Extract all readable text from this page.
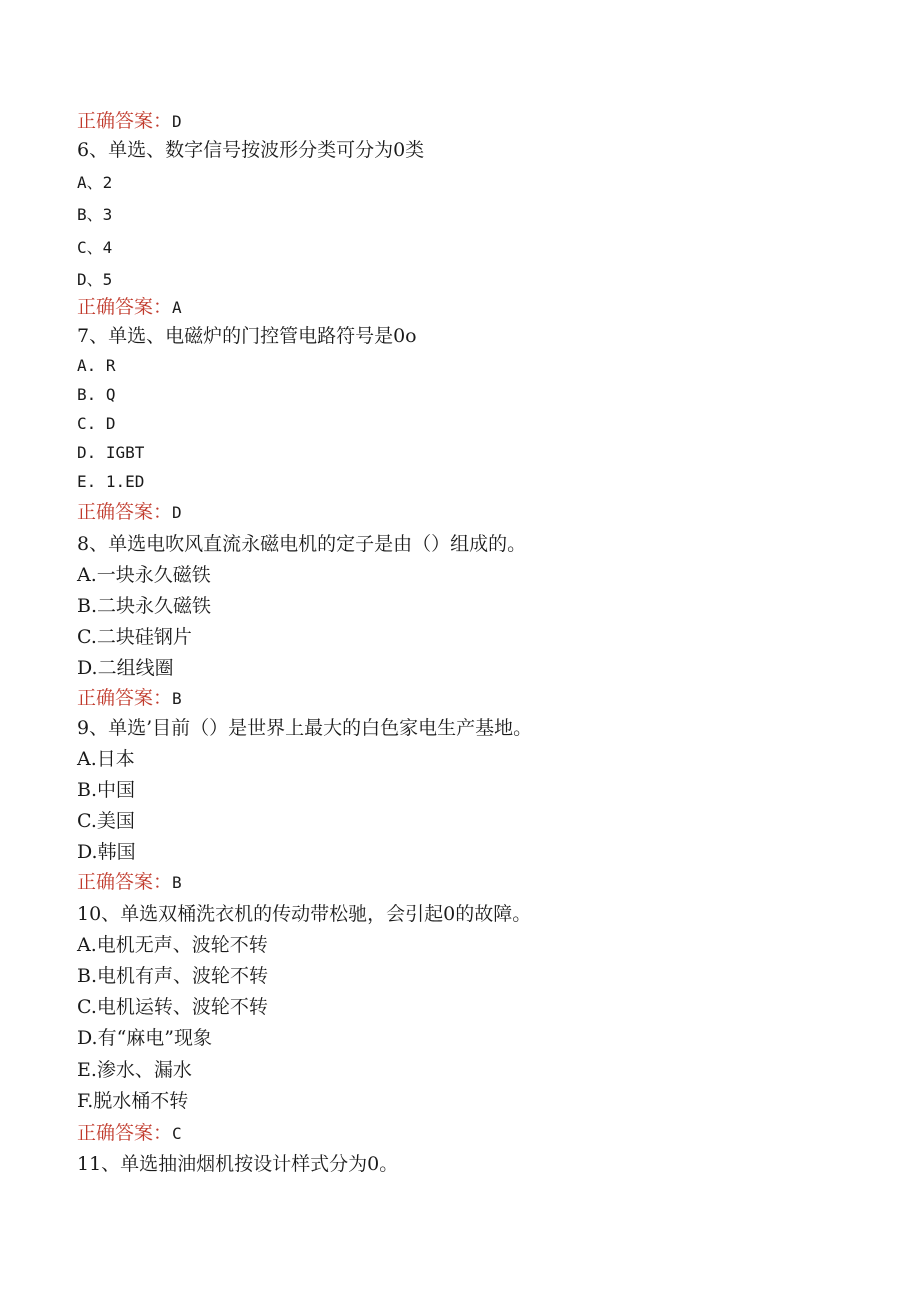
正确答案：D
6、单选、数字信号按波形分类可分为0类
A、2
B、3
C、4
D、5
正确答案：A
7、单选、电磁炉的门控管电路符号是0o
A. R
B. Q
C. D
D. IGBT
E. 1.ED
正确答案：D
8、单选电吹风直流永磁电机的定子是由（）组成的。
A.一块永久磁铁
B.二块永久磁铁
C.二块硅钢片
D.二组线圈
正确答案：B
9、单选’目前（）是世界上最大的白色家电生产基地。
A.日本
B.中国
C.美国
D.韩国
正确答案：B
10、单选双桶洗衣机的传动带松驰，会引起0的故障。
A.电机无声、波轮不转
B.电机有声、波轮不转
C.电机运转、波轮不转
D.有“麻电”现象
E.渗水、漏水
F.脱水桶不转
正确答案：C
11、单选抽油烟机按设计样式分为0。
